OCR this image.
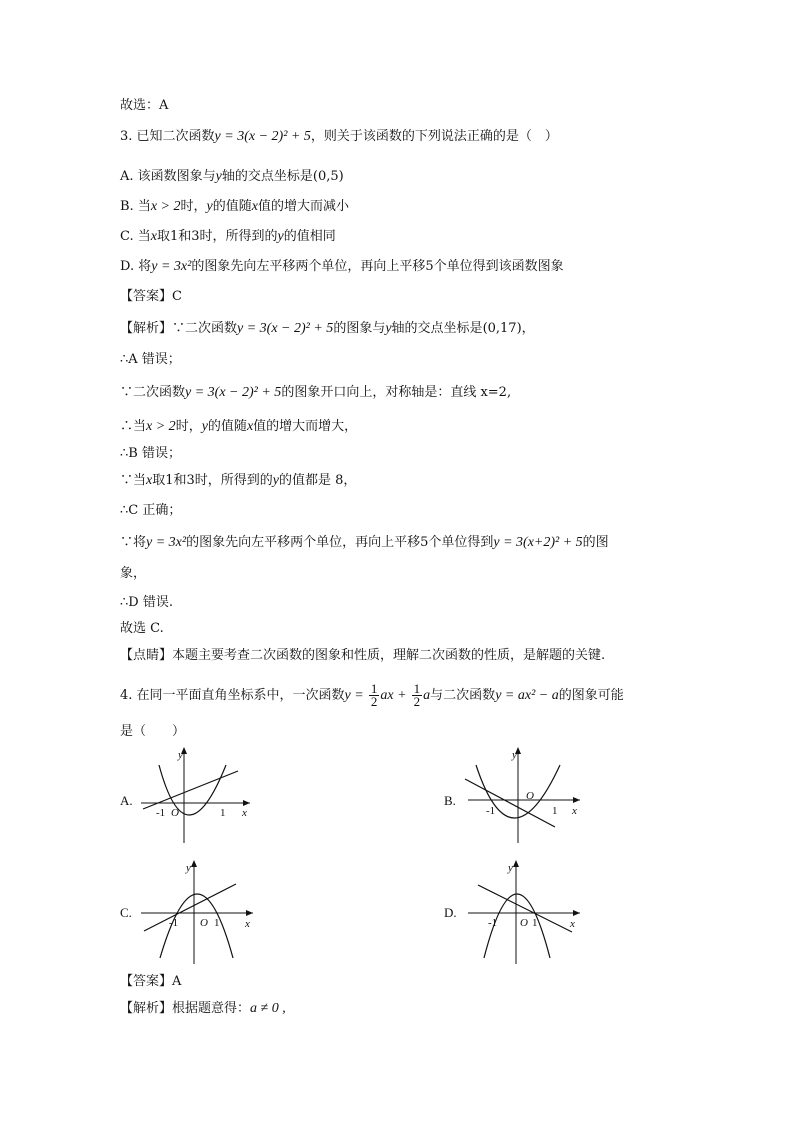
故选：A
3. 已知二次函数y = 3(x − 2)² + 5，则关于该函数的下列说法正确的是（　）
A. 该函数图象与y轴的交点坐标是(0,5)
B. 当x > 2时，y的值随x值的增大而减小
C. 当x取1和3时，所得到的y的值相同
D. 将y = 3x²的图象先向左平移两个单位，再向上平移5个单位得到该函数图象
【答案】C
【解析】∵二次函数y = 3(x − 2)² + 5的图象与y轴的交点坐标是(0,17)，
∴A 错误；
∵二次函数y = 3(x − 2)² + 5的图象开口向上，对称轴是：直线 x=2,
∴当x > 2时，y的值随x值的增大而增大，
∴B 错误；
∵当x取1和3时，所得到的y的值都是 8，
∴C 正确；
∵将y = 3x²的图象先向左平移两个单位，再向上平移5个单位得到y = 3(x+2)² + 5的图
象，
∴D 错误.
故选 C.
【点睛】本题主要考查二次函数的图象和性质，理解二次函数的性质，是解题的关键.
4. 在同一平面直角坐标系中，一次函数$y = \frac{1}{2}$ ax + $\frac{1}{2}$ a与二次函数y = ax² − a的图象可能
是（　　）
A.	B.
C.	D.
y
x
O
-1	1
y
x
O
-1	1
y
x
O
-1	1
y
x
O
-1	1
【答案】A
【解析】根据题意得：a ≠ 0 ,
